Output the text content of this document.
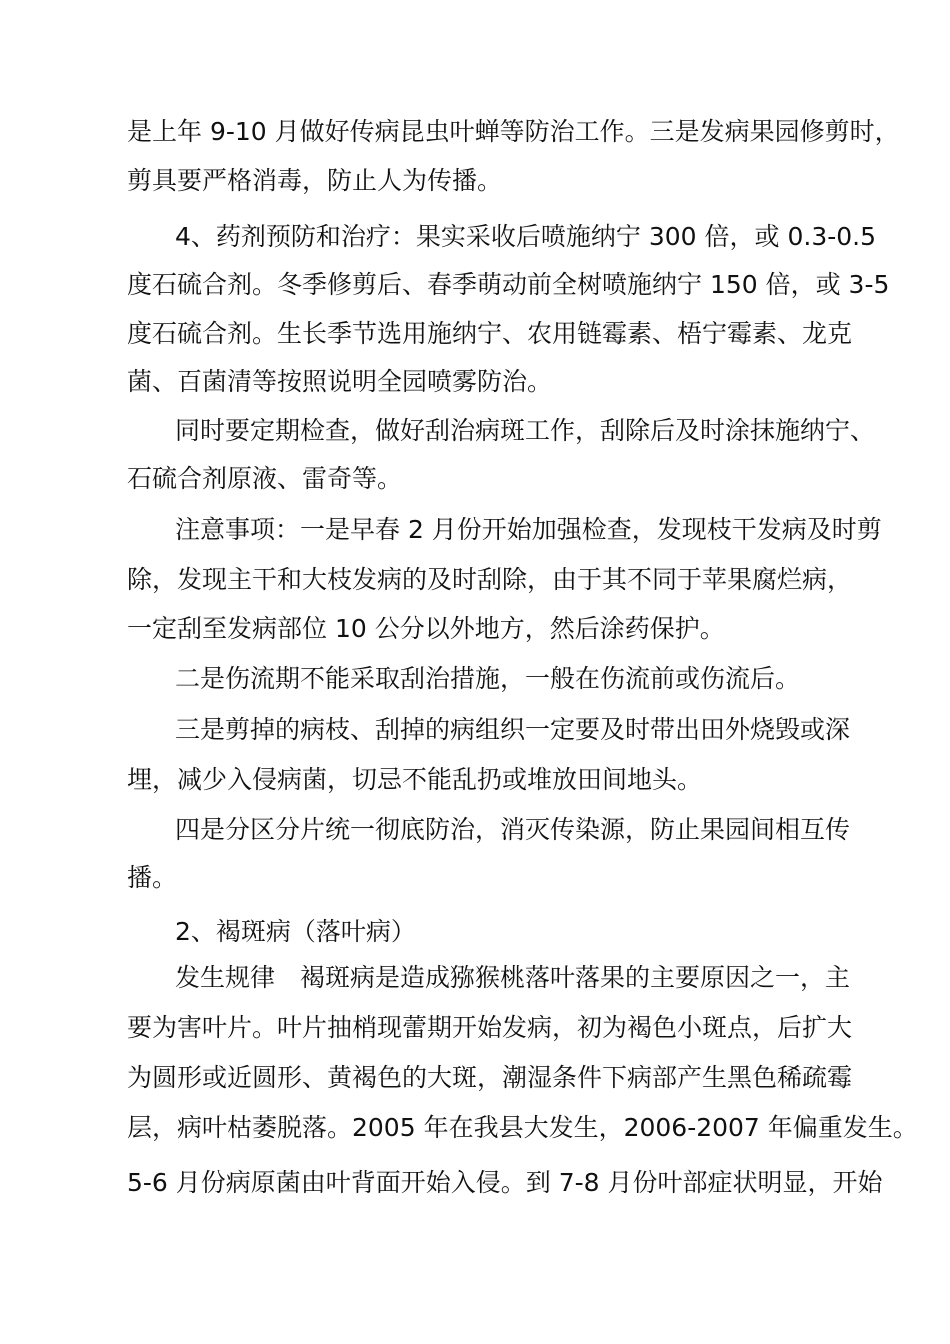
是上年 9-10 月做好传病昆虫叶蝉等防治工作。三是发病果园修剪时，
剪具要严格消毒，防止人为传播。
4、药剂预防和治疗：果实采收后喷施纳宁 300 倍，或 0.3-0.5
度石硫合剂。冬季修剪后、春季萌动前全树喷施纳宁 150 倍，或 3-5
度石硫合剂。生长季节选用施纳宁、农用链霉素、梧宁霉素、龙克
菌、百菌清等按照说明全园喷雾防治。
同时要定期检查，做好刮治病斑工作，刮除后及时涂抹施纳宁、
石硫合剂原液、雷奇等。
注意事项：一是早春 2 月份开始加强检查，发现枝干发病及时剪
除，发现主干和大枝发病的及时刮除，由于其不同于苹果腐烂病，
一定刮至发病部位 10 公分以外地方，然后涂药保护。
二是伤流期不能采取刮治措施，一般在伤流前或伤流后。
三是剪掉的病枝、刮掉的病组织一定要及时带出田外烧毁或深
埋，减少入侵病菌，切忌不能乱扔或堆放田间地头。
四是分区分片统一彻底防治，消灭传染源，防止果园间相互传
播。
2、褐斑病（落叶病）
发生规律　褐斑病是造成猕猴桃落叶落果的主要原因之一，主
要为害叶片。叶片抽梢现蕾期开始发病，初为褐色小斑点，后扩大
为圆形或近圆形、黄褐色的大斑，潮湿条件下病部产生黑色稀疏霉
层，病叶枯萎脱落。2005 年在我县大发生，2006-2007 年偏重发生。
5-6 月份病原菌由叶背面开始入侵。到 7-8 月份叶部症状明显，开始
